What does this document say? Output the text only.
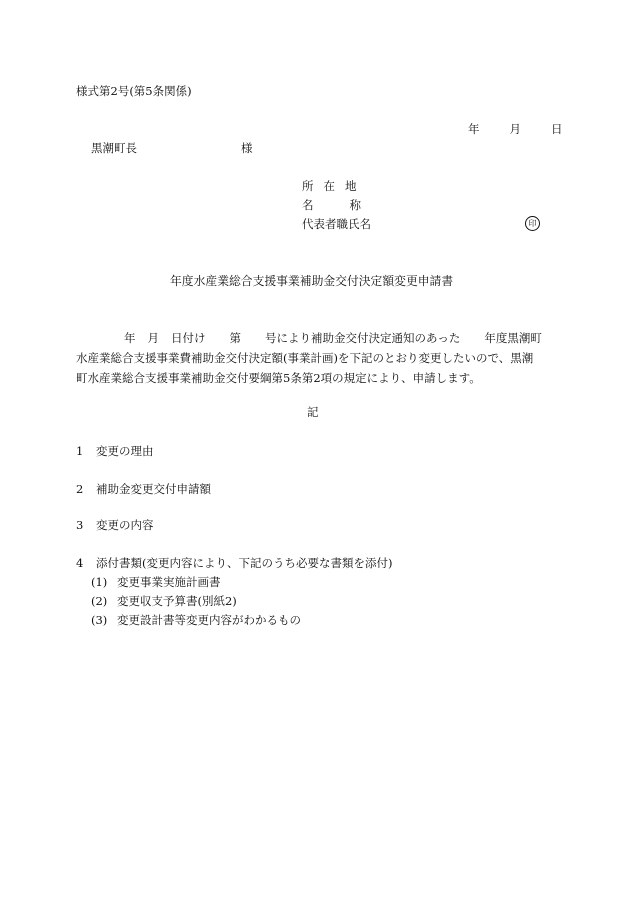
様式第2号(第5条関係)
年	月	日
黒潮町長	様
所在地
名称
代表者職氏名	印
年度水産業総合支援事業補助金交付決定額変更申請書
年 月 日付け 第 号により補助金交付決定通知のあった 年度黒潮町
水産業総合支援事業費補助金交付決定額(事業計画)を下記のとおり変更したいので、黒潮
町水産業総合支援事業補助金交付要綱第5条第2項の規定により、申請します。
記
1 変更の理由
2 補助金変更交付申請額
3 変更の内容
4 添付書類(変更内容により、下記のうち必要な書類を添付)
(1) 変更事業実施計画書
(2) 変更収支予算書(別紙2)
(3) 変更設計書等変更内容がわかるもの
